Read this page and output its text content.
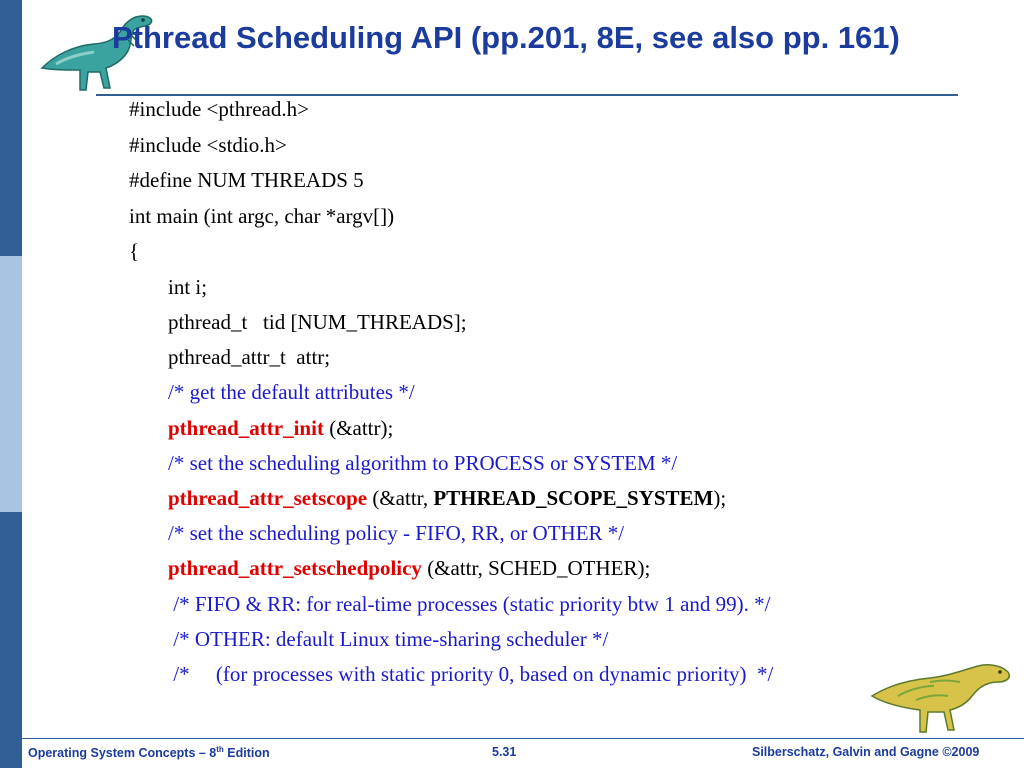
Pthread Scheduling API (pp.201, 8E, see also pp. 161)
#include <pthread.h>
#include <stdio.h>
#define NUM THREADS 5
int main (int argc, char *argv[])
{
int i;
pthread_t   tid [NUM_THREADS];
pthread_attr_t  attr;
/* get the default attributes */
pthread_attr_init (&attr);
/* set the scheduling algorithm to PROCESS or SYSTEM */
pthread_attr_setscope (&attr, PTHREAD_SCOPE_SYSTEM);
/* set the scheduling policy - FIFO, RR, or OTHER */
pthread_attr_setschedpolicy (&attr, SCHED_OTHER);
/* FIFO & RR: for real-time processes (static priority btw 1 and 99). */
/* OTHER: default Linux time-sharing scheduler */
/*     (for processes with static priority 0, based on dynamic priority)  */
Operating System Concepts – 8th Edition	5.31	Silberschatz, Galvin and Gagne ©2009
